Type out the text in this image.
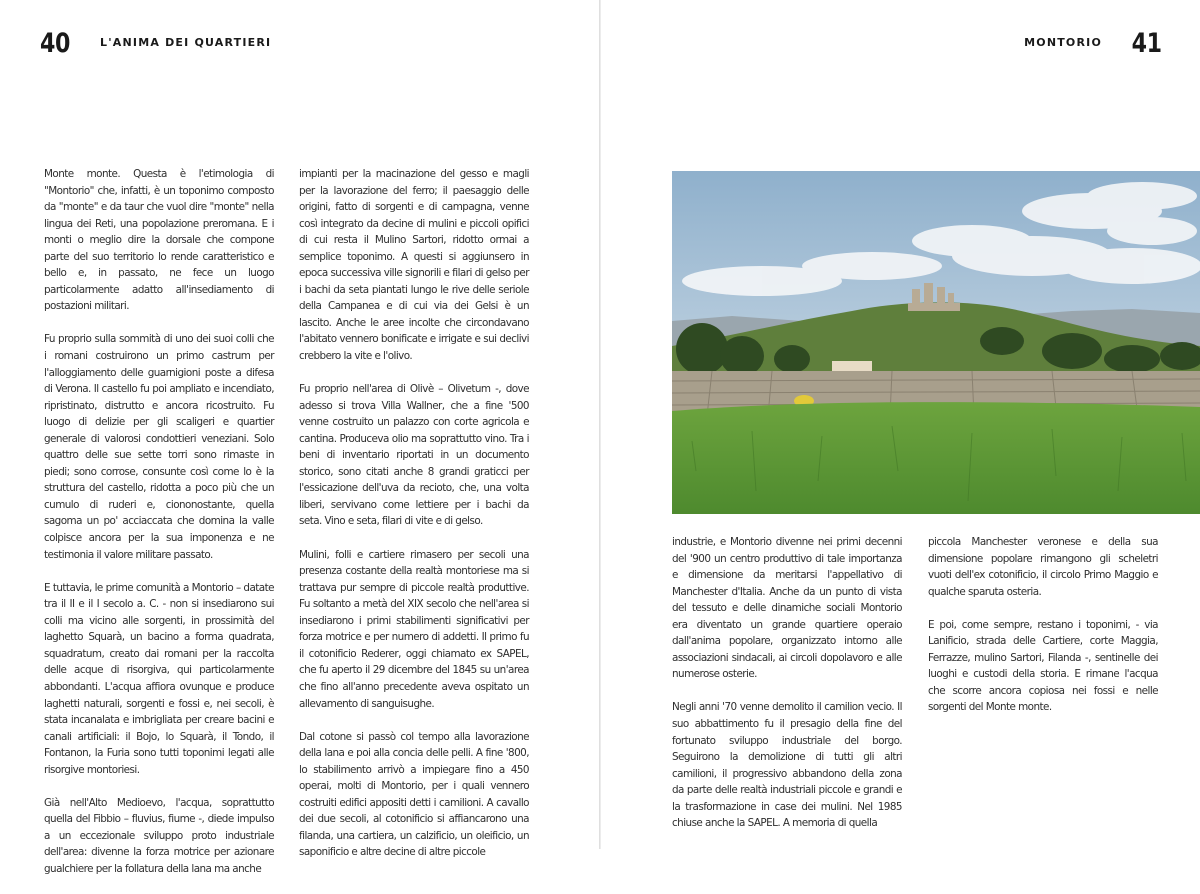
40	L'ANIMA DEI QUARTIERI

Monte monte. Questa è l'etimologia di "Montorio" che, infatti, è un toponimo composto da "monte" e da taur che vuol dire "monte" nella lingua dei Reti, una popolazione preromana. E i monti o meglio dire la dorsale che compone parte del suo territorio lo rende caratteristico e bello e, in passato, ne fece un luogo particolarmente adatto all'insediamento di postazioni militari.

Fu proprio sulla sommità di uno dei suoi colli che i romani costruirono un primo castrum per l'alloggiamento delle guarnigioni poste a difesa di Verona. Il castello fu poi ampliato e incendiato, ripristinato, distrutto e ancora ricostruito. Fu luogo di delizie per gli scaligeri e quartier generale di valorosi condottieri veneziani. Solo quattro delle sue sette torri sono rimaste in piedi; sono corrose, consunte così come lo è la struttura del castello, ridotta a poco più che un cumulo di ruderi e, ciononostante, quella sagoma un po' acciaccata che domina la valle colpisce ancora per la sua imponenza e ne testimonia il valore militare passato.

E tuttavia, le prime comunità a Montorio – datate tra il II e il I secolo a. C. - non si insediarono sui colli ma vicino alle sorgenti, in prossimità del laghetto Squarà, un bacino a forma quadrata, squadratum, creato dai romani per la raccolta delle acque di risorgiva, qui particolarmente abbondanti. L'acqua affiora ovunque e produce laghetti naturali, sorgenti e fossi e, nei secoli, è stata incanalata e imbrigliata per creare bacini e canali artificiali: il Bojo, lo Squarà, il Tondo, il Fontanon, la Furia sono tutti toponimi legati alle risorgive montoriesi.

Già nell'Alto Medioevo, l'acqua, soprattutto quella del Fibbio – fluvius, fiume -, diede impulso a un eccezionale sviluppo proto industriale dell'area: divenne la forza motrice per azionare gualchiere per la follatura della lana ma anche

impianti per la macinazione del gesso e magli per la lavorazione del ferro; il paesaggio delle origini, fatto di sorgenti e di campagna, venne così integrato da decine di mulini e piccoli opifici di cui resta il Mulino Sartori, ridotto ormai a semplice toponimo. A questi si aggiunsero in epoca successiva ville signorili e filari di gelso per i bachi da seta piantati lungo le rive delle seriole della Campanea e di cui via dei Gelsi è un lascito. Anche le aree incolte che circondavano l'abitato vennero bonificate e irrigate e sui declivi crebbero la vite e l'olivo.

Fu proprio nell'area di Olivè – Olivetum -, dove adesso si trova Villa Wallner, che a fine '500 venne costruito un palazzo con corte agricola e cantina. Produceva olio ma soprattutto vino. Tra i beni di inventario riportati in un documento storico, sono citati anche 8 grandi graticci per l'essicazione dell'uva da recioto, che, una volta liberi, servivano come lettiere per i bachi da seta. Vino e seta, filari di vite e di gelso.

Mulini, folli e cartiere rimasero per secoli una presenza costante della realtà montoriese ma si trattava pur sempre di piccole realtà produttive. Fu soltanto a metà del XIX secolo che nell'area si insediarono i primi stabilimenti significativi per forza motrice e per numero di addetti. Il primo fu il cotonificio Rederer, oggi chiamato ex SAPEL, che fu aperto il 29 dicembre del 1845 su un'area che fino all'anno precedente aveva ospitato un allevamento di sanguisughe.

Dal cotone si passò col tempo alla lavorazione della lana e poi alla concia delle pelli. A fine '800, lo stabilimento arrivò a impiegare fino a 450 operai, molti di Montorio, per i quali vennero costruiti edifici appositi detti i camilioni. A cavallo dei due secoli, al cotonificio si affiancarono una filanda, una cartiera, un calzificio, un oleificio, un saponificio e altre decine di altre piccole

MONTORIO 41

industrie, e Montorio divenne nei primi decenni del '900 un centro produttivo di tale importanza e dimensione da meritarsi l'appellativo di Manchester d'Italia. Anche da un punto di vista del tessuto e delle dinamiche sociali Montorio era diventato un grande quartiere operaio dall'anima popolare, organizzato intorno alle associazioni sindacali, ai circoli dopolavoro e alle numerose osterie.

Negli anni '70 venne demolito il camilion vecio. Il suo abbattimento fu il presagio della fine del fortunato sviluppo industriale del borgo. Seguirono la demolizione di tutti gli altri camilioni, il progressivo abbandono della zona da parte delle realtà industriali piccole e grandi e la trasformazione in case dei mulini. Nel 1985 chiuse anche la SAPEL. A memoria di quella

piccola Manchester veronese e della sua dimensione popolare rimangono gli scheletri vuoti dell'ex cotonificio, il circolo Primo Maggio e qualche sparuta osteria.

E poi, come sempre, restano i toponimi, - via Lanificio, strada delle Cartiere, corte Maggia, Ferrazze, mulino Sartori, Filanda -, sentinelle dei luoghi e custodi della storia. E rimane l'acqua che scorre ancora copiosa nei fossi e nelle sorgenti del Monte monte.
